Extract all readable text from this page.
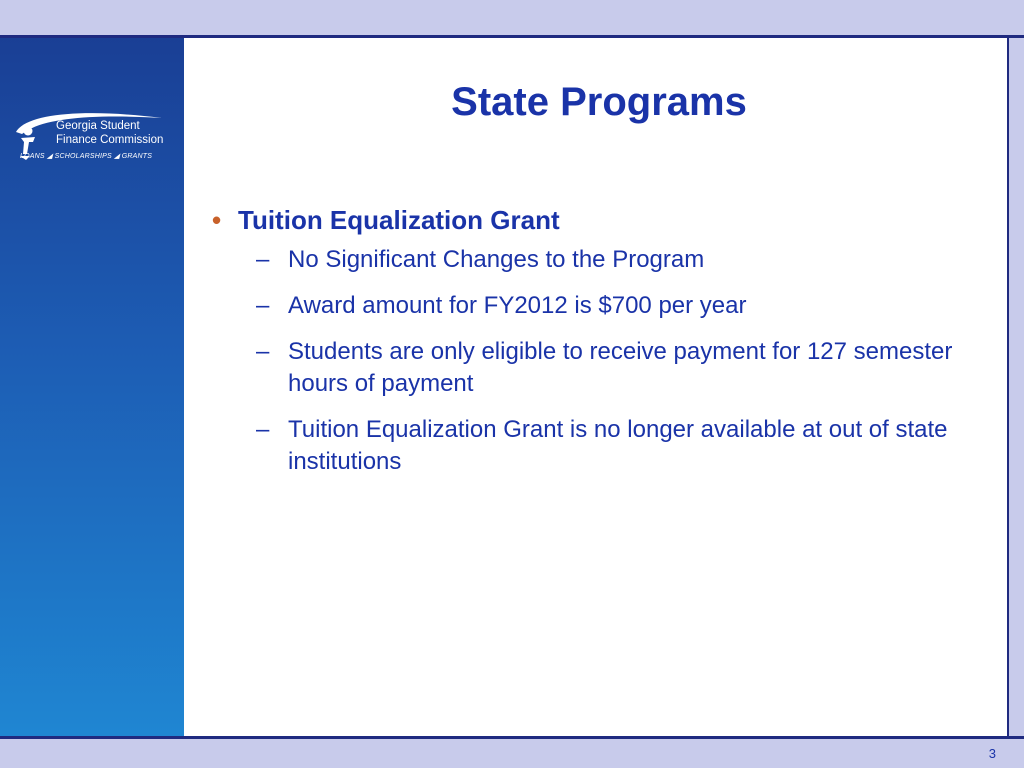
Georgia Student
Finance Commission
LOANS ◢ SCHOLARSHIPS ◢ GRANTS
State Programs
• Tuition Equalization Grant
– No Significant Changes to the Program
– Award amount for FY2012 is $700 per year
– Students are only eligible to receive payment for 127 semester hours of payment
– Tuition Equalization Grant is no longer available at out of state institutions
3
